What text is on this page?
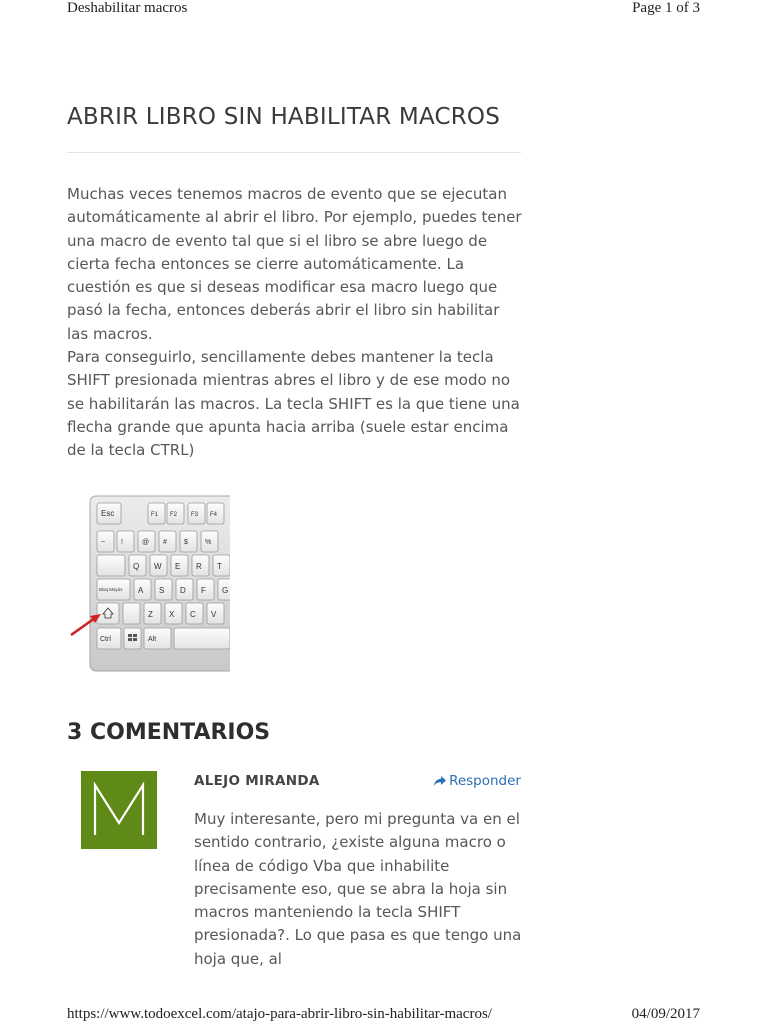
Deshabilitar macros	Page 1 of 3
ABRIR LIBRO SIN HABILITAR MACROS

Muchas veces tenemos macros de evento que se ejecutan automáticamente al abrir el libro. Por ejemplo, puedes tener una macro de evento tal que si el libro se abre luego de cierta fecha entonces se cierre automáticamente. La cuestión es que si deseas modificar esa macro luego que pasó la fecha, entonces deberás abrir el libro sin habilitar las macros.

Para conseguirlo, sencillamente debes mantener la tecla SHIFT presionada mientras abres el libro y de ese modo no se habilitarán las macros. La tecla SHIFT es la que tiene una flecha grande que apunta hacia arriba (suele estar encima de la tecla CTRL)

Esc	F1 F2 F3 F4
~ !	@ # $ %
Q W E R T
Bloq Mayús A S D F G
Z X C V
Ctrl	Alt
3 COMENTARIOS
ALEJO MIRANDA	Responder

Muy interesante, pero mi pregunta va en el sentido contrario, ¿existe alguna macro o línea de código Vba que inhabilite precisamente eso, que se abra la hoja sin macros manteniendo la tecla SHIFT presionada?. Lo que pasa es que tengo una hoja que, al

https://www.todoexcel.com/atajo-para-abrir-libro-sin-habilitar-macros/	04/09/2017
